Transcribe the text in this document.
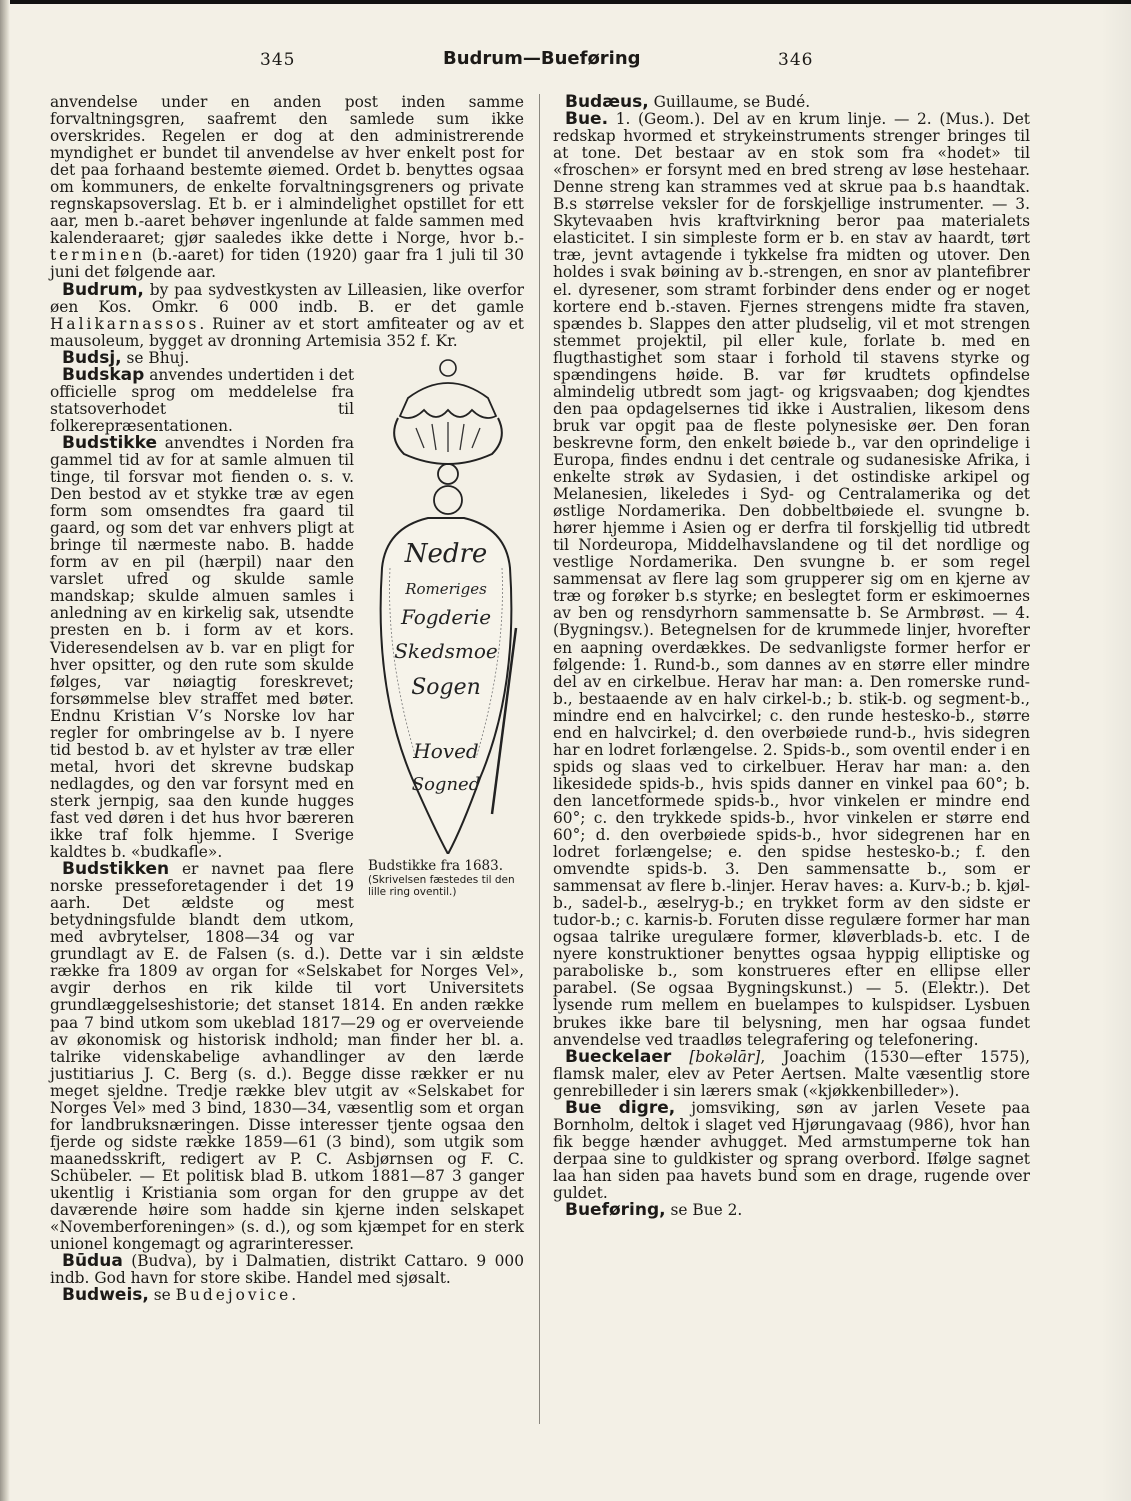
345	Budrum—Bueføring	346

anvendelse under en anden post inden samme forvaltningsgren, saafremt den samlede sum ikke overskrides. Regelen er dog at den administrerende myndighet er bundet til anvendelse av hver enkelt post for det paa forhaand bestemte øiemed. Ordet b. benyttes ogsaa om kommuners, de enkelte forvaltningsgreners og private regnskapsoverslag. Et b. er i almindelighet opstillet for ett aar, men b.-aaret behøver ingenlunde at falde sammen med kalenderaaret; gjør saaledes ikke dette i Norge, hvor b.-terminen (b.-aaret) for tiden (1920) gaar fra 1 juli til 30 juni det følgende aar.

Budrum, by paa sydvestkysten av Lilleasien, like overfor øen Kos. Omkr. 6 000 indb. B. er det gamle Halikarnassos. Ruiner av et stort amfiteater og av et mausoleum, bygget av dronning Artemisia 352 f. Kr.

Nedre
Romeriges
Fogderie
Skedsmoe
Sogen
Hoved
Sogned
Budstikke fra 1683.
(Skrivelsen fæstedes til den lille ring oventil.)

Budsj, se Bhuj.

Budskap anvendes undertiden i det officielle sprog om meddelelse fra statsoverhodet til folkerepræsentationen.

Budstikke anvendtes i Norden fra gammel tid av for at samle almuen til tinge, til forsvar mot fienden o. s. v. Den bestod av et stykke træ av egen form som omsendtes fra gaard til gaard, og som det var enhvers pligt at bringe til nærmeste nabo. B. hadde form av en pil (hærpil) naar den varslet ufred og skulde samle mandskap; skulde almuen samles i anledning av en kirkelig sak, utsendte presten en b. i form av et kors. Videresendelsen av b. var en pligt for hver opsitter, og den rute som skulde følges, var nøiagtig foreskrevet; forsømmelse blev straffet med bøter. Endnu Kristian V’s Norske lov har regler for ombringelse av b. I nyere tid bestod b. av et hylster av træ eller metal, hvori det skrevne budskap nedlagdes, og den var forsynt med en sterk jernpig, saa den kunde hugges fast ved døren i det hus hvor bæreren ikke traf folk hjemme. I Sverige kaldtes b. «budkafle».

Budstikken er navnet paa flere norske presseforetagender i det 19 aarh. Det ældste og mest betydningsfulde blandt dem utkom, med avbrytelser, 1808—34 og var grundlagt av E. de Falsen (s. d.). Dette var i sin ældste række fra 1809 av organ for «Selskabet for Norges Vel», avgir derhos en rik kilde til vort Universitets grundlæggelseshistorie; det stanset 1814. En anden række paa 7 bind utkom som ukeblad 1817—29 og er overveiende av økonomisk og historisk indhold; man finder her bl. a. talrike videnskabelige avhandlinger av den lærde justitiarius J. C. Berg (s. d.). Begge disse rækker er nu meget sjeldne. Tredje række blev utgit av «Selskabet for Norges Vel» med 3 bind, 1830—34, væsentlig som et organ for landbruksnæringen. Disse interesser tjente ogsaa den fjerde og sidste række 1859—61 (3 bind), som utgik som maanedsskrift, redigert av P. C. Asbjørnsen og F. C. Schübeler. — Et politisk blad B. utkom 1881—87 3 ganger ukentlig i Kristiania som organ for den gruppe av det daværende høire som hadde sin kjerne inden selskapet «Novemberforeningen» (s. d.), og som kjæmpet for en sterk unionel kongemagt og agrarinteresser.

Būdua (Budva), by i Dalmatien, distrikt Cattaro. 9 000 indb. God havn for store skibe. Handel med sjøsalt.

Budweis, se Budejovice.

Budæus, Guillaume, se Budé.

Bue. 1. (Geom.). Del av en krum linje. — 2. (Mus.). Det redskap hvormed et strykeinstruments strenger bringes til at tone. Det bestaar av en stok som fra «hodet» til «froschen» er forsynt med en bred streng av løse hestehaar. Denne streng kan strammes ved at skrue paa b.s haandtak. B.s størrelse veksler for de forskjellige instrumenter. — 3. Skytevaaben hvis kraftvirkning beror paa materialets elasticitet. I sin simpleste form er b. en stav av haardt, tørt træ, jevnt avtagende i tykkelse fra midten og utover. Den holdes i svak bøining av b.-strengen, en snor av plantefibrer el. dyresener, som stramt forbinder dens ender og er noget kortere end b.-staven. Fjernes strengens midte fra staven, spændes b. Slappes den atter pludselig, vil et mot strengen stemmet projektil, pil eller kule, forlate b. med en flugthastighet som staar i forhold til stavens styrke og spændingens høide. B. var før krudtets opfindelse almindelig utbredt som jagt- og krigsvaaben; dog kjendtes den paa opdagelsernes tid ikke i Australien, likesom dens bruk var opgit paa de fleste polynesiske øer. Den foran beskrevne form, den enkelt bøiede b., var den oprindelige i Europa, findes endnu i det centrale og sudanesiske Afrika, i enkelte strøk av Sydasien, i det ostindiske arkipel og Melanesien, likeledes i Syd- og Centralamerika og det østlige Nordamerika. Den dobbeltbøiede el. svungne b. hører hjemme i Asien og er derfra til forskjellig tid utbredt til Nordeuropa, Middelhavslandene og til det nordlige og vestlige Nordamerika. Den svungne b. er som regel sammensat av flere lag som grupperer sig om en kjerne av træ og forøker b.s styrke; en beslegtet form er eskimoernes av ben og rensdyrhorn sammensatte b. Se Armbrøst. — 4. (Bygningsv.). Betegnelsen for de krummede linjer, hvorefter en aapning overdækkes. De sedvanligste former herfor er følgende: 1. Rund-b., som dannes av en større eller mindre del av en cirkelbue. Herav har man: a. Den romerske rund-b., bestaaende av en halv cirkel-b.; b. stik-b. og segment-b., mindre end en halvcirkel; c. den runde hestesko-b., større end en halvcirkel; d. den overbøiede rund-b., hvis sidegren har en lodret forlængelse. 2. Spids-b., som oventil ender i en spids og slaas ved to cirkelbuer. Herav har man: a. den likesidede spids-b., hvis spids danner en vinkel paa 60°; b. den lancetformede spids-b., hvor vinkelen er mindre end 60°; c. den trykkede spids-b., hvor vinkelen er større end 60°; d. den overbøiede spids-b., hvor sidegrenen har en lodret forlængelse; e. den spidse hestesko-b.; f. den omvendte spids-b. 3. Den sammensatte b., som er sammensat av flere b.-linjer. Herav haves: a. Kurv-b.; b. kjøl-b., sadel-b., æselryg-b.; en trykket form av den sidste er tudor-b.; c. karnis-b. Foruten disse regulære former har man ogsaa talrike uregulære former, kløverblads-b. etc. I de nyere konstruktioner benyttes ogsaa hyppig elliptiske og paraboliske b., som konstrueres efter en ellipse eller parabel. (Se ogsaa Bygningskunst.) — 5. (Elektr.). Det lysende rum mellem en buelampes to kulspidser. Lysbuen brukes ikke bare til belysning, men har ogsaa fundet anvendelse ved traadløs telegrafering og telefonering.

Bueckelaer [bokəlār], Joachim (1530—efter 1575), flamsk maler, elev av Peter Aertsen. Malte væsentlig store genrebilleder i sin lærers smak («kjøkkenbilleder»).

Bue digre, jomsviking, søn av jarlen Vesete paa Bornholm, deltok i slaget ved Hjørungavaag (986), hvor han fik begge hænder avhugget. Med armstumperne tok han derpaa sine to guldkister og sprang overbord. Ifølge sagnet laa han siden paa havets bund som en drage, rugende over guldet.

Bueføring, se Bue 2.
